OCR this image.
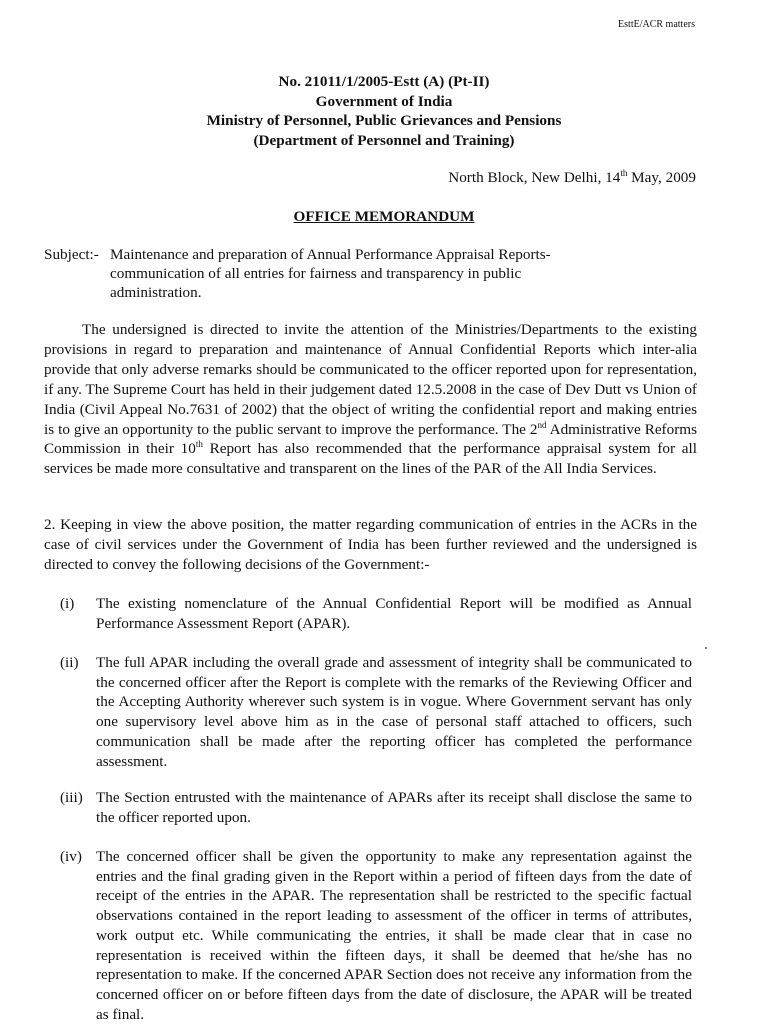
EsttE/ACR matters
No. 21011/1/2005-Estt (A) (Pt-II)
Government of India
Ministry of Personnel, Public Grievances and Pensions
(Department of Personnel and Training)
North Block, New Delhi, 14th May, 2009
OFFICE MEMORANDUM
Subject:- Maintenance and preparation of Annual Performance Appraisal Reports-communication of all entries for fairness and transparency in public administration.
The undersigned is directed to invite the attention of the Ministries/Departments to the existing provisions in regard to preparation and maintenance of Annual Confidential Reports which inter-alia provide that only adverse remarks should be communicated to the officer reported upon for representation, if any. The Supreme Court has held in their judgement dated 12.5.2008 in the case of Dev Dutt vs Union of India (Civil Appeal No.7631 of 2002) that the object of writing the confidential report and making entries is to give an opportunity to the public servant to improve the performance. The 2nd Administrative Reforms Commission in their 10th Report has also recommended that the performance appraisal system for all services be made more consultative and transparent on the lines of the PAR of the All India Services.
2. Keeping in view the above position, the matter regarding communication of entries in the ACRs in the case of civil services under the Government of India has been further reviewed and the undersigned is directed to convey the following decisions of the Government:-
(i)	The existing nomenclature of the Annual Confidential Report will be modified as Annual Performance Assessment Report (APAR).
(ii)	The full APAR including the overall grade and assessment of integrity shall be communicated to the concerned officer after the Report is complete with the remarks of the Reviewing Officer and the Accepting Authority wherever such system is in vogue. Where Government servant has only one supervisory level above him as in the case of personal staff attached to officers, such communication shall be made after the reporting officer has completed the performance assessment.
(iii) The Section entrusted with the maintenance of APARs after its receipt shall disclose the same to the officer reported upon.
(iv) The concerned officer shall be given the opportunity to make any representation against the entries and the final grading given in the Report within a period of fifteen days from the date of receipt of the entries in the APAR. The representation shall be restricted to the specific factual observations contained in the report leading to assessment of the officer in terms of attributes, work output etc. While communicating the entries, it shall be made clear that in case no representation is received within the fifteen days, it shall be deemed that he/she has no representation to make. If the concerned APAR Section does not receive any information from the concerned officer on or before fifteen days from the date of disclosure, the APAR will be treated as final.
